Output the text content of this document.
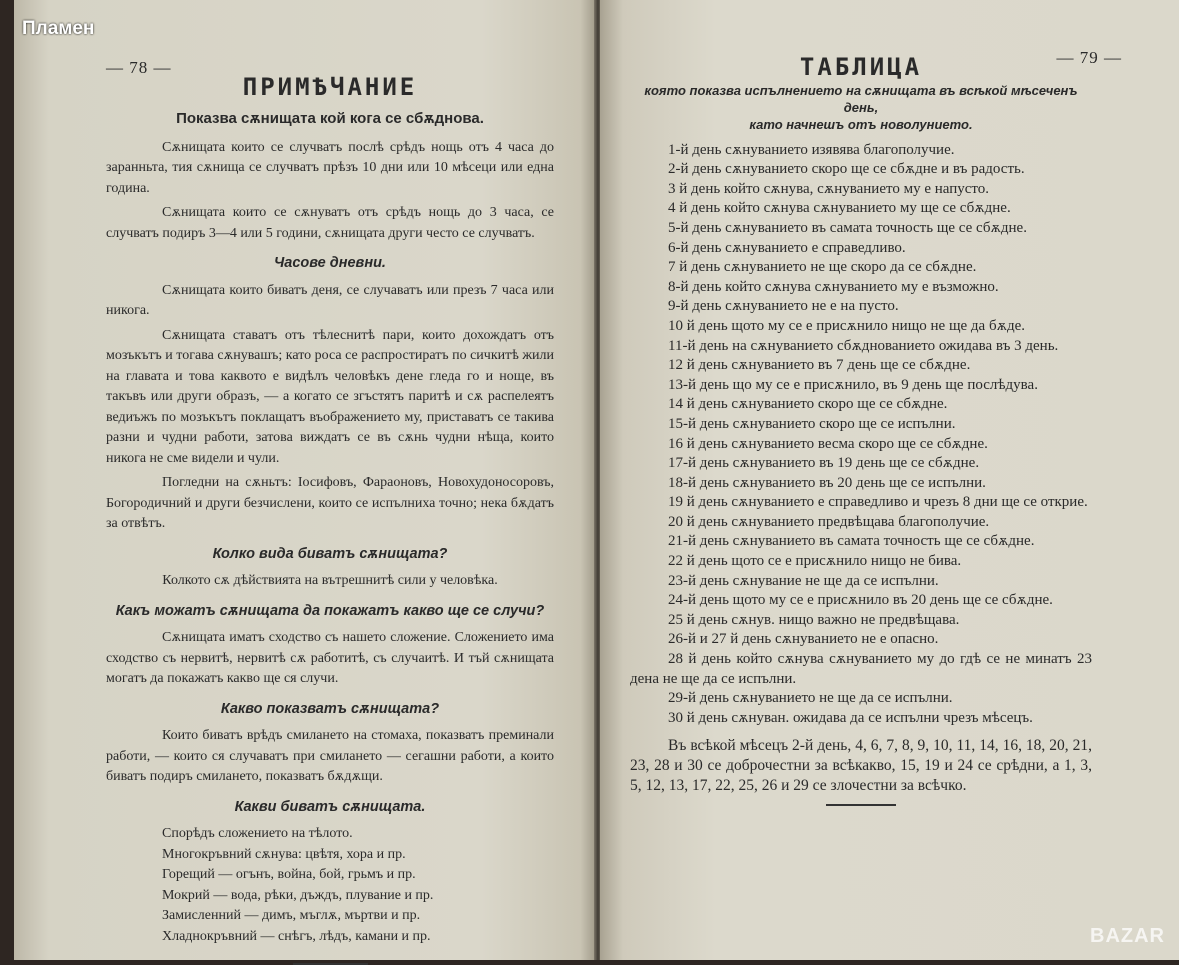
— 78 —
ПРИМѢЧАНИЕ
Показва сѫнищата кой кога се сбѫднова.

Сѫнищата които се случватъ послѣ срѣдъ нощь отъ 4 часа до заранньта, тия сѫнища се случватъ прѣзъ 10 дни или 10 мѣсеци или една година.

Сѫнищата които се сѫнуватъ отъ срѣдъ нощь до 3 часа, се случватъ подиръ 3—4 или 5 години, сѫнищата други често се случватъ.

Часове дневни.

Сѫнищата които биватъ деня, се случаватъ или презъ 7 часа или никога.

Сѫнищата ставатъ отъ тѣлеснитѣ пари, които дохождатъ отъ мозъкътъ и тогава сѫнувашъ; като роса се распростиратъ по сичкитѣ жили на главата и това каквото е видѣлъ человѣкъ дене гледа го и нощe, въ такъвъ или други образъ, — а когато се згъстятъ паритѣ и сѫ распелеятъ ведиъжъ по мозъкътъ поклащатъ въображението му, приставатъ се такива разни и чудни работи, затова виждатъ се въ сѫнь чудни нѣща, които никога не сме видели и чули.

Погледни на сѫньтъ: Іосифовъ, Фараоновъ, Новохудоносоровъ, Богородичний и други безчислени, които се испълниха точно; нека бѫдатъ за отвѣтъ.

Колко вида биватъ сѫнищата?

Колкото сѫ дѣйствията на вътрешнитѣ сили у человѣка.

Какъ можатъ сѫнищата да покажатъ какво ще се случи?

Сѫнищата иматъ сходство съ нашето сложение. Сложението има сходство съ нервитѣ, нервитѣ сѫ работитѣ, съ случаитѣ. И тъй сѫнищата могатъ да покажатъ какво ще ся случи.

Какво показватъ сѫнищата?

Които биватъ врѣдъ смилането на стомаха, показватъ преминали работи, — които ся случаватъ при смилането — сегашни работи, а които биватъ подиръ смилането, показватъ бѫдѫщи.

Какви биватъ сѫнищата.
Спорѣдъ сложението на тѣлото.
Многокръвний сѫнува: цвѣтя, хора и пр.
Горещий — огънъ, война, бой, грьмъ и пр.
Мокрий — вода, рѣки, дъждъ, плувание и пр.
Замисленний — димъ, мъглѫ, мъртви и пр.
Хладнокръвний — снѣгъ, лѣдъ, камани и пр.
— 79 —
ТАБЛИЦА
която показва испълнението на сѫнищата въ всѣкой мѣсеченъ день,
като начнешъ отъ новолунието.
1-й день сѫнуванието изявява благополучие.
2-й день сѫнуванието скоро ще се сбѫдне и въ радость.
3 й день който сѫнува, сѫнуванието му е напусто.
4 й день който сѫнува сѫнуванието му ще се сбѫдне.
5-й день сѫнуванието въ самата точность ще се сбѫдне.
6-й день сѫнуванието е справедливо.
7 й день сѫнуванието не ще скоро да се сбѫдне.
8-й день който сѫнува сѫнуванието му е възможно.
9-й день сѫнуванието не е на пусто.
10 й день щото му се е присѫнило нищо не ще да бѫде.
11-й день на сѫнуванието сбѫднованието ожидава въ 3 день.
12 й день сѫнуванието въ 7 день ще се сбѫдне.
13-й день що му се е присѫнило, въ 9 день ще послѣдува.
14 й день сѫнуванието скоро ще се сбѫдне.
15-й день сѫнуванието скоро ще се испълни.
16 й день сѫнуванието весма скоро ще се сбѫдне.
17-й день сѫнуванието въ 19 день ще се сбѫдне.
18-й день сѫнуванието въ 20 день ще се испълни.
19 й день сѫнуванието е справедливо и чрезъ 8 дни ще се открие.
20 й день сѫнуванието предвѣщава благополучие.
21-й день сѫнуванието въ самата точность ще се сбѫдне.
22 й день щото се е присѫнило нищо не бива.
23-й день сѫнувание не ще да се испълни.
24-й день щото му се е присѫнило въ 20 день ще се сбѫдне.
25 й день сѫнув. нищо важно не предвѣщава.
26-й и 27 й день сѫнуванието не е опасно.
28 й день който сѫнува сѫнуванието му до гдѣ се не минатъ 23 дена не ще да се испълни.
29-й день сѫнуванието не ще да се испълни.
30 й день сѫнуван. ожидава да се испълни чрезъ мѣсецъ.
Въ всѣкой мѣсецъ 2-й день, 4, 6, 7, 8, 9, 10, 11, 14, 16, 18, 20, 21, 23, 28 и 30 се доброчестни за всѣкакво, 15, 19 и 24 се срѣдни, а 1, 3, 5, 12, 13, 17, 22, 25, 26 и 29 се злочестни за всѣчко.
Пламен
BAZAR
